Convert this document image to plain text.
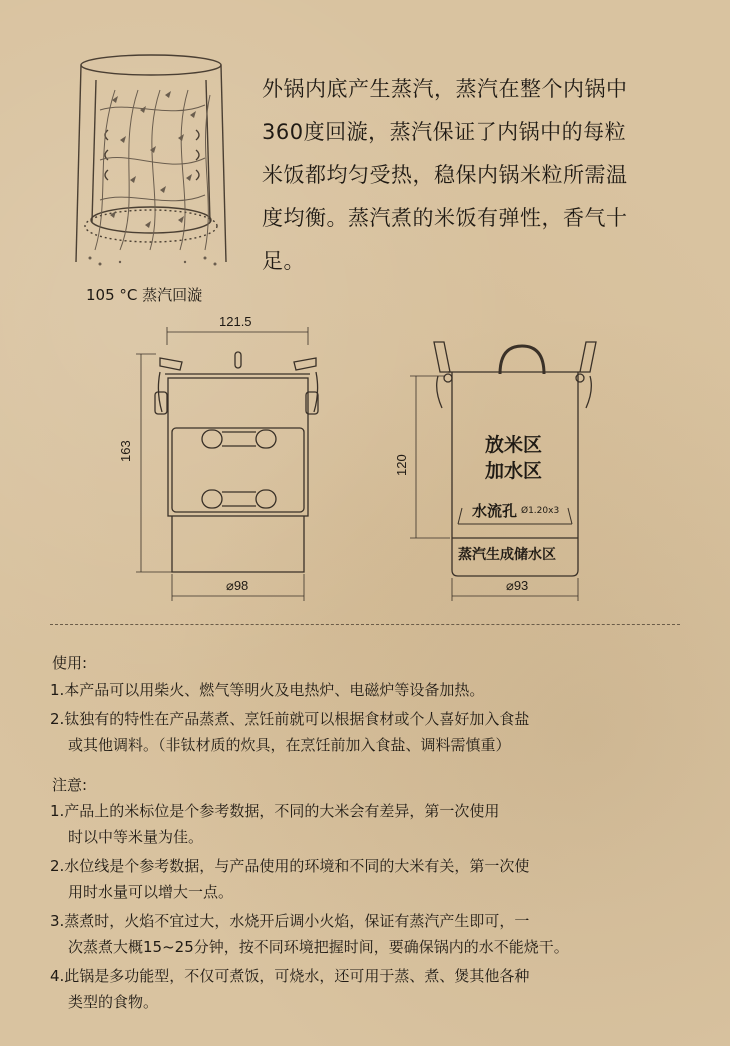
外锅内底产生蒸汽，蒸汽在整个内锅中
360度回漩，蒸汽保证了内锅中的每粒
米饭都均匀受热，稳保内锅米粒所需温
度均衡。蒸汽煮的米饭有弹性，香气十
足。
105 °C 蒸汽回漩
121.5
163
⌀98
120
放米区
加水区
水流孔 Ø1.20x3
蒸汽生成储水区
⌀93
使用:
1.本产品可以用柴火、燃气等明火及电热炉、电磁炉等设备加热。
2.钛独有的特性在产品蒸煮、烹饪前就可以根据食材或个人喜好加入食盐
或其他调料。（非钛材质的炊具，在烹饪前加入食盐、调料需慎重）
注意:
1.产品上的米标位是个参考数据，不同的大米会有差异，第一次使用
时以中等米量为佳。
2.水位线是个参考数据，与产品使用的环境和不同的大米有关，第一次使
用时水量可以增大一点。
3.蒸煮时，火焰不宜过大，水烧开后调小火焰，保证有蒸汽产生即可，一
次蒸煮大概15~25分钟，按不同环境把握时间，要确保锅内的水不能烧干。
4.此锅是多功能型，不仅可煮饭，可烧水，还可用于蒸、煮、煲其他各种
类型的食物。
